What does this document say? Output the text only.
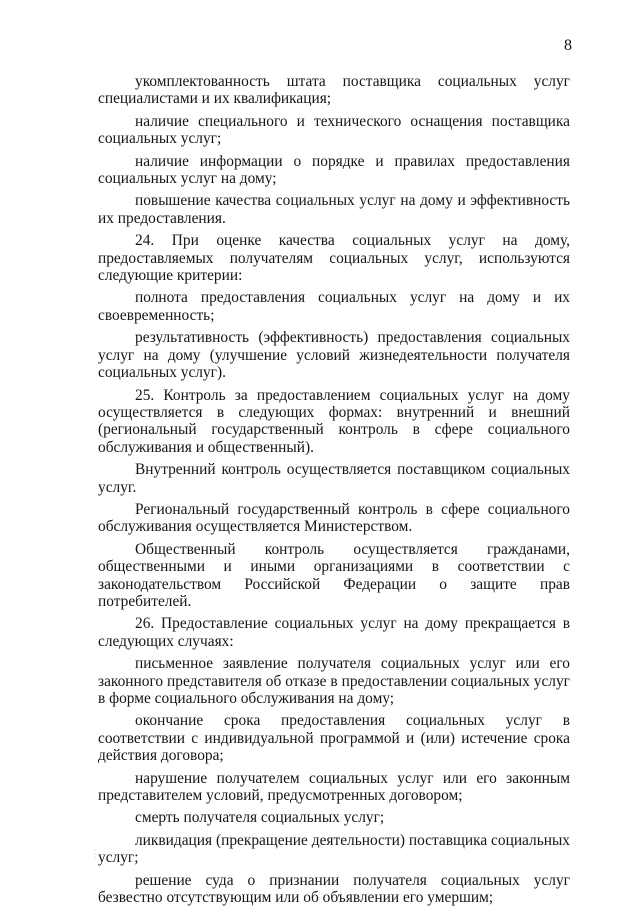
8

укомплектованность штата поставщика социальных услуг специалистами и их квалификация;

наличие специального и технического оснащения поставщика социальных услуг;

наличие информации о порядке и правилах предоставления социальных услуг на дому;

повышение качества социальных услуг на дому и эффективность их предоставления.

24. При оценке качества социальных услуг на дому, предоставляемых получателям социальных услуг, используются следующие критерии:

полнота предоставления социальных услуг на дому и их своевременность;

результативность (эффективность) предоставления социальных услуг на дому (улучшение условий жизнедеятельности получателя социальных услуг).

25. Контроль за предоставлением социальных услуг на дому осуществляется в следующих формах: внутренний и внешний (региональный государственный контроль в сфере социального обслуживания и общественный).

Внутренний контроль осуществляется поставщиком социальных услуг.

Региональный государственный контроль в сфере социального обслуживания осуществляется Министерством.

Общественный контроль осуществляется гражданами, общественными и иными организациями в соответствии с законодательством Российской Федерации о защите прав потребителей.

26. Предоставление социальных услуг на дому прекращается в следующих случаях:

письменное заявление получателя социальных услуг или его законного представителя об отказе в предоставлении социальных услуг в форме социального обслуживания на дому;

окончание срока предоставления социальных услуг в соответствии с индивидуальной программой и (или) истечение срока действия договора;

нарушение получателем социальных услуг или его законным представителем условий, предусмотренных договором;

смерть получателя социальных услуг;

ликвидация (прекращение деятельности) поставщика социальных услуг;

решение суда о признании получателя социальных услуг безвестно отсутствующим или об объявлении его умершим;

⋮
